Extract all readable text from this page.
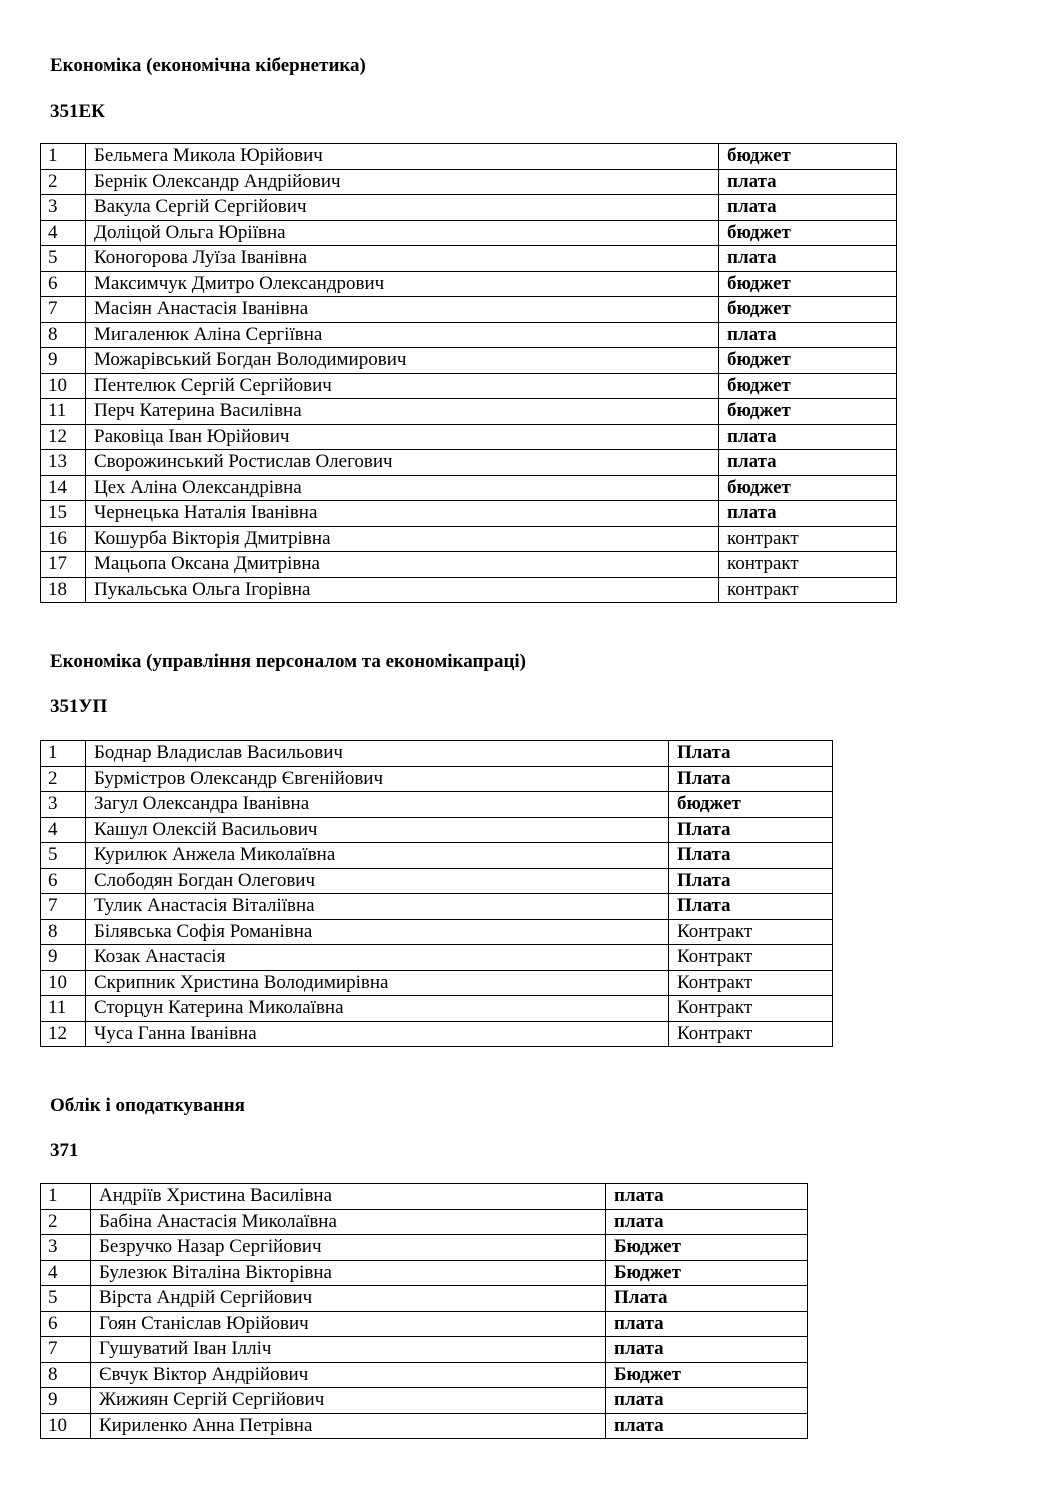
Економіка (економічна кібернетика)
351ЕК
1	Бельмега Микола Юрійович	бюджет
2	Бернік Олександр Андрійович	плата
3	Вакула Сергій Сергійович	плата
4	Доліцой Ольга Юріївна	бюджет
5	Коногорова Луїза Іванівна	плата
6	Максимчук Дмитро Олександрович	бюджет
7	Масіян Анастасія Іванівна	бюджет
8	Мигаленюк Аліна Сергіївна	плата
9	Можарівський Богдан Володимирович	бюджет
10	Пентелюк Сергій Сергійович	бюджет
11	Перч Катерина Василівна	бюджет
12	Раковіца Іван Юрійович	плата
13	Сворожинський Ростислав Олегович	плата
14	Цех Аліна Олександрівна	бюджет
15	Чернецька Наталія Іванівна	плата
16	Кошурба Вікторія Дмитрівна	контракт
17	Мацьопа Оксана Дмитрівна	контракт
18	Пукальська Ольга Ігорівна	контракт
Економіка (управління персоналом та економікапраці)
351УП
1	Боднар Владислав Васильович	Плата
2	Бурмістров Олександр Євгенійович	Плата
3	Загул Олександра Іванівна	бюджет
4	Кашул Олексій Васильович	Плата
5	Курилюк Анжела Миколаївна	Плата
6	Слободян Богдан Олегович	Плата
7	Тулик Анастасія Віталіївна	Плата
8	Білявська Софія Романівна	Контракт
9	Козак Анастасія	Контракт
10	Скрипник Христина Володимирівна	Контракт
11	Сторцун Катерина Миколаївна	Контракт
12	Чуса Ганна Іванівна	Контракт
Облік і оподаткування
371
1	Андріїв Христина Василівна	плата
2	Бабіна Анастасія Миколаївна	плата
3	Безручко Назар Сергійович	Бюджет
4	Булезюк Віталіна Вікторівна	Бюджет
5	Вірста Андрій Сергійович	Плата
6	Гоян Станіслав Юрійович	плата
7	Гушуватий Іван Ілліч	плата
8	Євчук Віктор Андрійович	Бюджет
9	Жижиян Сергій Сергійович	плата
10	Кириленко Анна Петрівна	плата
